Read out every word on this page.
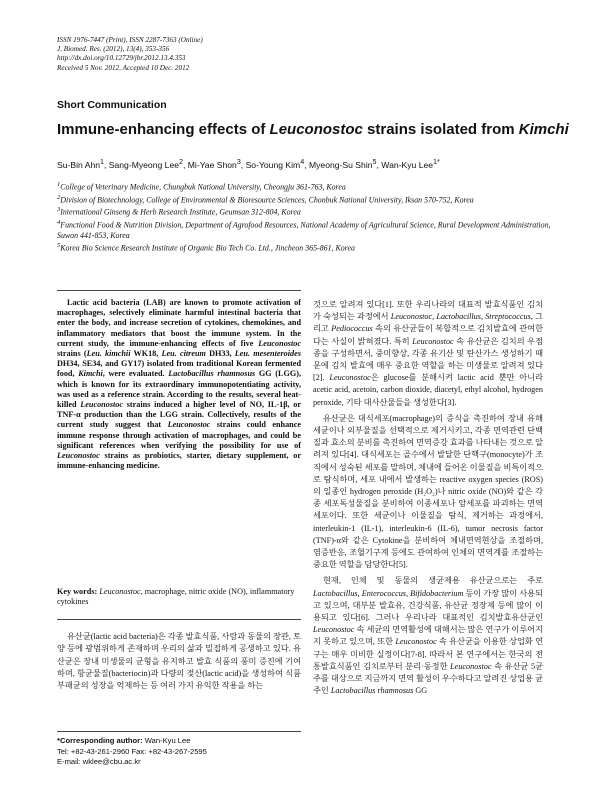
ISSN 1976-7447 (Print), ISSN 2287-7363 (Online)
J. Biomed. Res. (2012), 13(4), 353-356
http://dx.doi.org/10.12729/jbr.2012.13.4.353
Received 5 Nov. 2012, Accepted 10 Dec. 2012
Short Communication
Immune-enhancing effects of Leuconostoc strains isolated from Kimchi
Su-Bin Ahn$^1$, Sang-Myeong Lee$^2$, Mi-Yae Shon$^3$, So-Young Kim$^4$, Myeong-Su Shin$^5$, Wan-Kyu Lee$^{1*}$

$^1$College of Veterinary Medicine, Chungbuk National University, Cheongju 361-763, Korea

$^2$Division of Biotechnology, College of Environmental & Bioresource Sciences, Chonbuk National University, Iksan 570-752, Korea

$^3$International Ginseng & Herb Research Institute, Geumsan 312-804, Korea

$^4$Functional Food & Nutrition Division, Department of Agrofood Resources, National Academy of Agricultural Science, Rural Development Administration, Suwon 441-853, Korea

$^5$Korea Bio Science Research Institute of Organic Bio Tech Co. Ltd., Jincheon 365-861, Korea

Lactic acid bacteria (LAB) are known to promote activation of macrophages, selectively eliminate harmful intestinal bacteria that enter the body, and increase secretion of cytokines, chemokines, and inflammatory mediators that boost the immune system. In the current study, the immune-enhancing effects of five Leuconostoc strains (Leu. kimchii WK18, Leu. citreum DH33, Leu. mesenteroides DH34, SE34, and GY17) isolated from traditional Korean fermented food, Kimchi, were evaluated. Lactobacillus rhamnosus GG (LGG), which is known for its extraordinary immunopotentiating activity, was used as a reference strain. According to the results, several heat-killed Leuconostoc strains induced a higher level of NO, IL-1β, or TNF-α production than the LGG strain. Collectively, results of the current study suggest that Leuconostoc strains could enhance immune response through activation of macrophages, and could be significant references when verifying the possibility for use of Leuconostoc strains as probiotics, starter, dietary supplement, or immune-enhancing medicine.

Key words: Leuconostoc, macrophage, nitric oxide (NO), inflammatory cytokines

유산균(lactic acid bacteria)은 각종 발효식품, 사람과 동물의 장관, 토양 등에 광범위하게 존재하며 우리의 삶과 밀접하게 공생하고 있다. 유산균은 장내 미생물의 균형을 유지하고 발효 식품의 풍미 증진에 기여하며, 항균물질(bacteriocin)과 다량의 젖산(lactic acid)을 생성하여 식품 부패균의 성장을 억제하는 등 여러 가지 유익한 작용을 하는

*Corresponding author: Wan-Kyu Lee
Tel: +82-43-261-2960 Fax: +82-43-267-2595
E-mail: wklee@cbu.ac.kr

것으로 알려져 있다[1]. 또한 우리나라의 대표적 발효식품인 김치가 숙성되는 과정에서 Leuconostoc, Lactobacillus, Streptococcus, 그리고 Pediococcus 속의 유산균들이 복합적으로 김치발효에 관여한다는 사실이 밝혀졌다. 특히 Leuconostoc 속 유산균은 김치의 우점종을 구성하면서, 중미향상, 각종 유기산 및 탄산가스 생성하기 때문에 김치 발효에 매우 중요한 역할을 하는 미생물로 알려져 있다[2]. Leuconostoc은 glucose를 분해시켜 lactic acid 뿐만 아니라 acetic acid, acetoin, carbon dioxide, diacetyl, ethyl alcohol, hydrogen peroxide, 기타 대사산물들을 생성한다[3].

유산균은 대식세포(macrophage)의 증식을 촉진하여 장내 유해세균이나 외부물질을 선택적으로 제거시키고, 각종 면역관련 단백질과 효소의 분비를 촉진하여 면역증강 효과를 나타내는 것으로 알려져 있다[4]. 대식세포는 골수에서 발달한 단핵구(monocyte)가 조직에서 성숙된 세포를 말하며, 체내에 들어온 이물질을 비특이적으로 탐식하며, 세포 내에서 발생하는 reactive oxygen species (ROS)의 일종인 hydrogen peroxide (H₂O₂)나 nitric oxide (NO)와 같은 각종 세포독성물질을 분비하여 이종세포나 암세포를 파괴하는 면역세포이다. 또한 세균이나 이물질을 탐식, 제거하는 과정에서, interleukin-1 (IL-1), interleukin-6 (IL-6), tumor necrosis factor (TNF)-α와 같은 Cytokine을 분비하여 체내면역현상을 조절하며, 염증반응, 조혈기구계 등에도 관여하여 인체의 면역계를 조절하는 중요한 역할을 담당한다[5].

현재, 인체 및 동물의 생균제용 유산균으로는 주로 Lactobacillus, Enterococcus, Bifidobacterium 등이 가장 많이 사용되고 있으며, 대부분 발효유, 건강식품, 유산균 정장제 등에 많이 이용되고 있다[6]. 그러나 우리나라 대표적인 김치발효유산균인 Leuconostoc 속 세균의 면역활성에 대해서는 많은 연구가 이루어지지 못하고 있으며, 또한 Leuconostoc 속 유산균을 이용한 상업화 연구는 매우 미비한 실정이다[7-8]. 따라서 본 연구에서는 한국의 전통발효식품인 김치로부터 분리·동정한 Leuconostoc 속 유산균 5균주를 대상으로 지금까지 면역 활성이 우수하다고 알려진 상업용 균주인 Lactobacillus rhamnosus GG
